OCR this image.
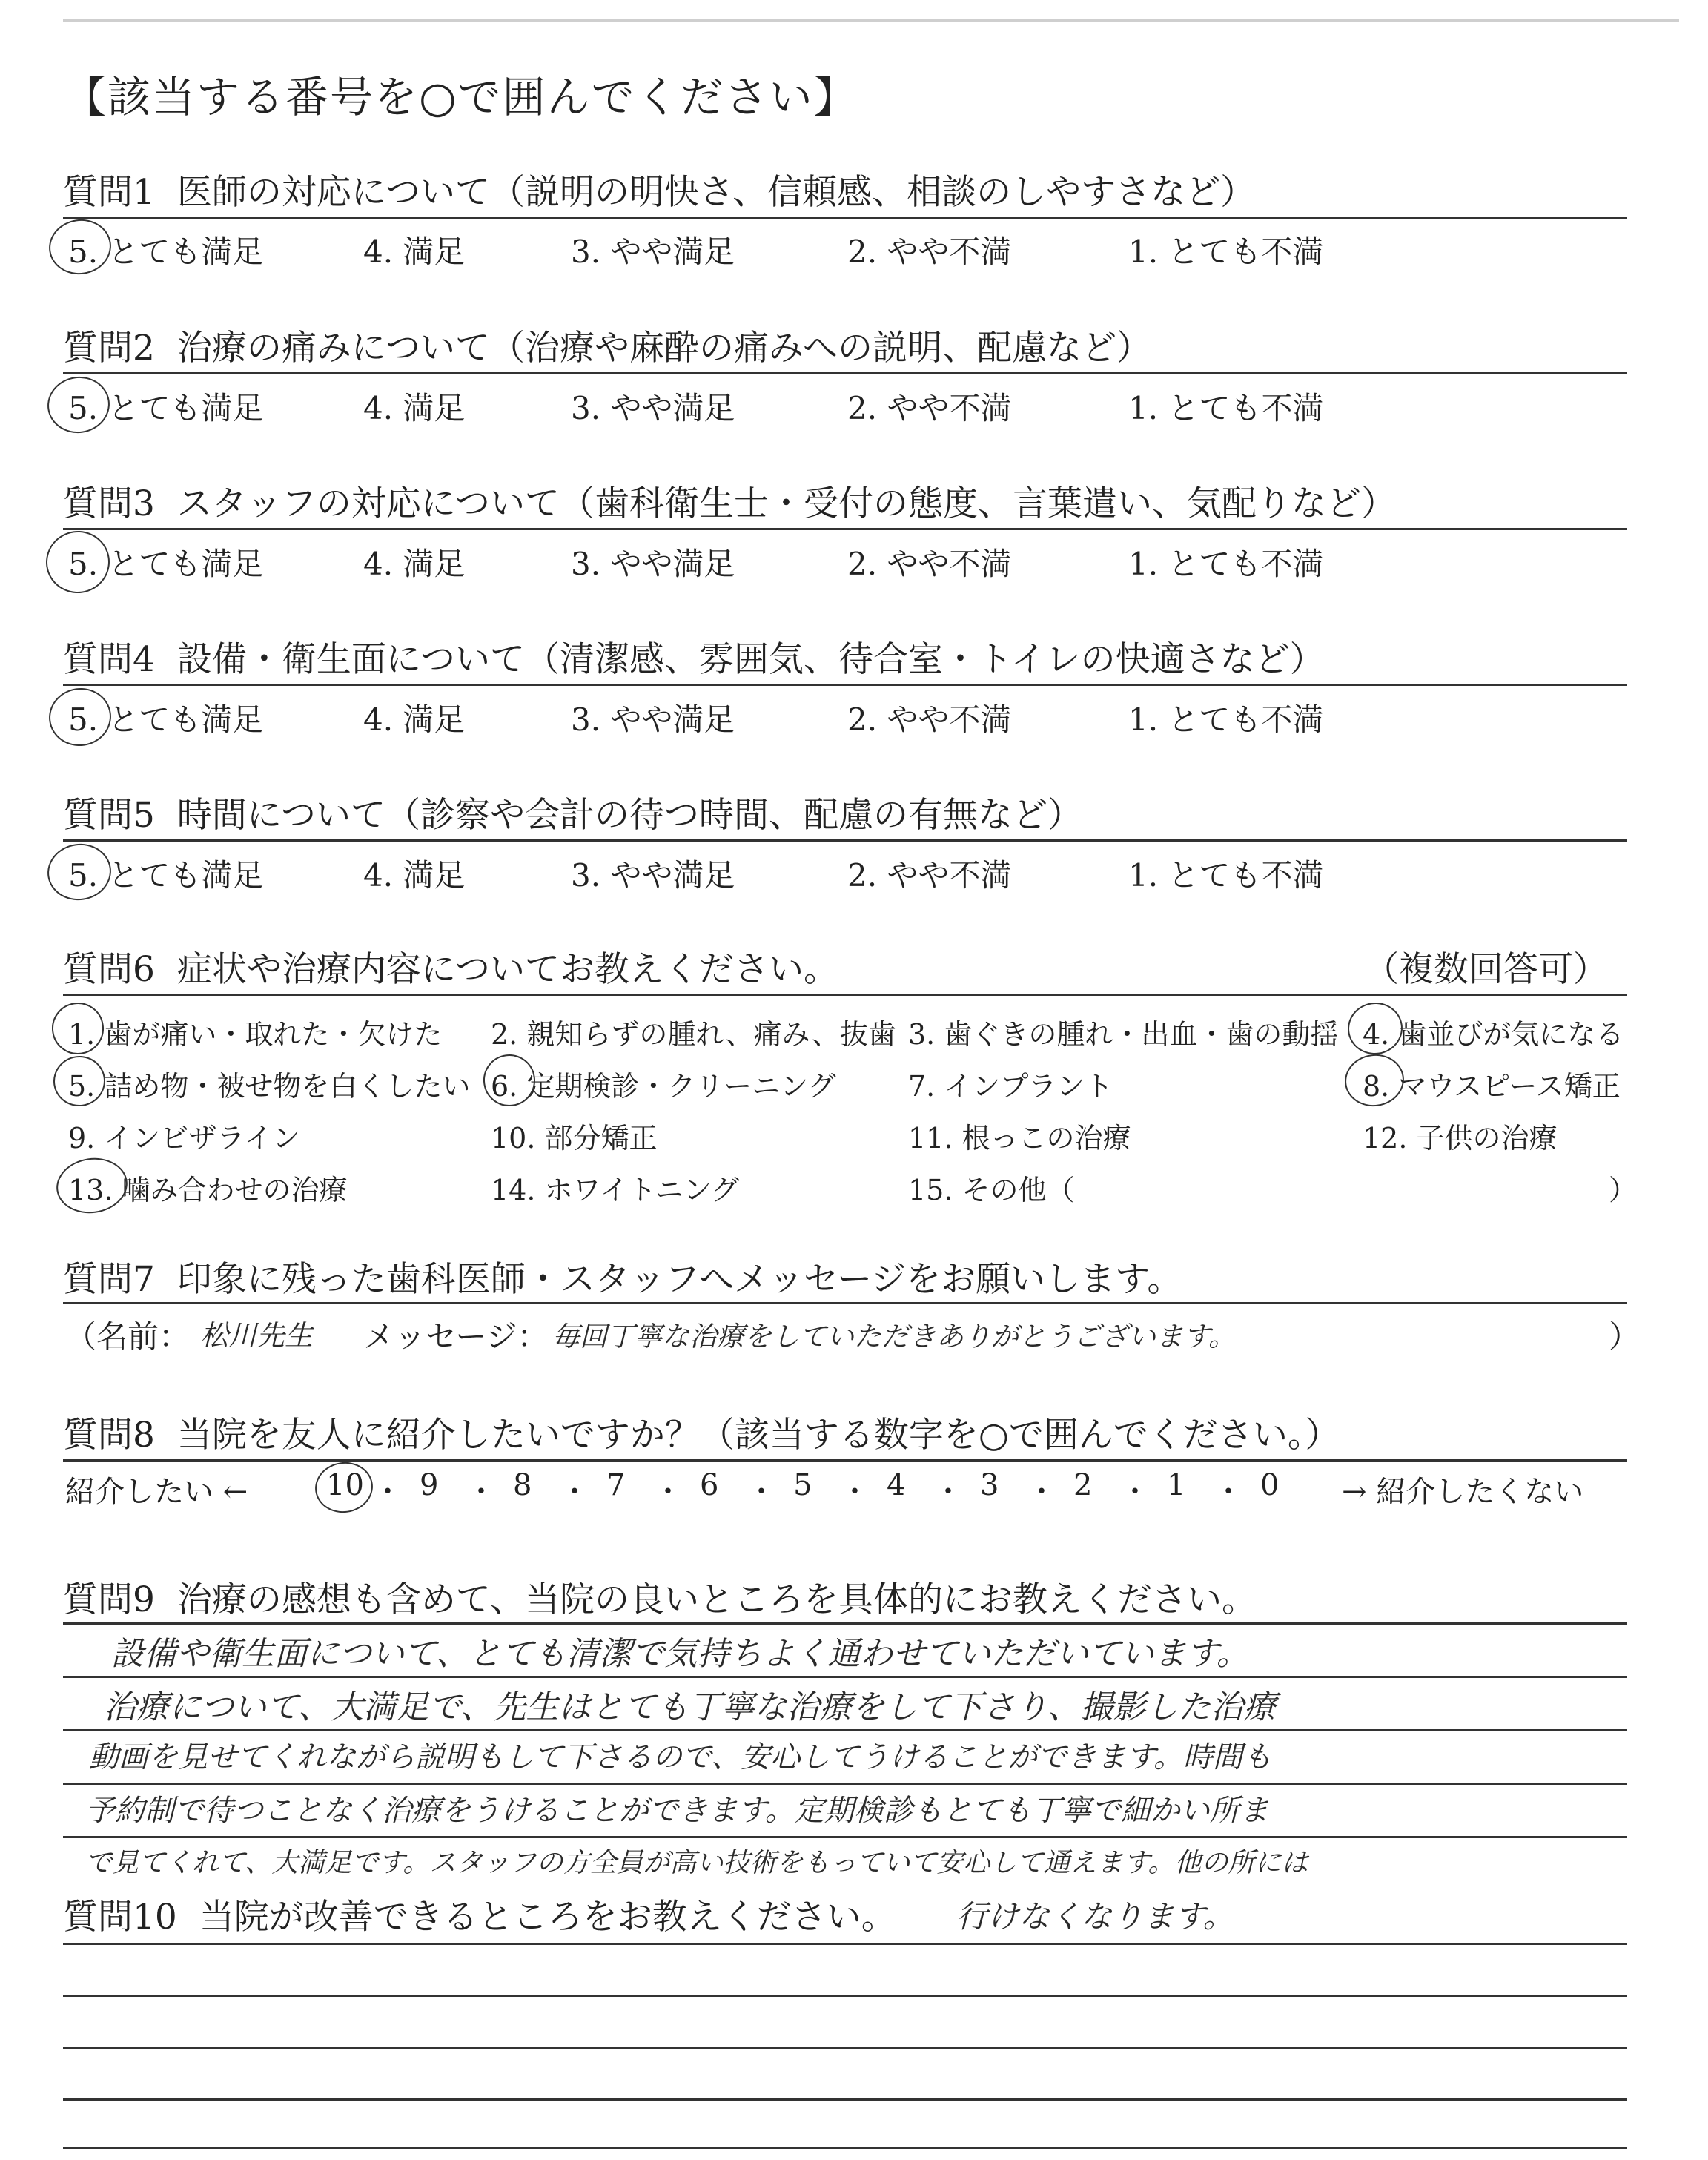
【該当する番号を○で囲んでください】
質問1 医師の対応について（説明の明快さ、信頼感、相談のしやすさなど）
5. とても満足	4. 満足	3. やや満足	2. やや不満	1. とても不満
質問2 治療の痛みについて（治療や麻酔の痛みへの説明、配慮など）
5. とても満足	4. 満足	3. やや満足	2. やや不満	1. とても不満
質問3 スタッフの対応について（歯科衛生士・受付の態度、言葉遣い、気配りなど）
5. とても満足	4. 満足	3. やや満足	2. やや不満	1. とても不満
質問4 設備・衛生面について（清潔感、雰囲気、待合室・トイレの快適さなど）
5. とても満足	4. 満足	3. やや満足	2. やや不満	1. とても不満
質問5 時間について（診察や会計の待つ時間、配慮の有無など）
5. とても満足	4. 満足	3. やや満足	2. やや不満	1. とても不満
質問6 症状や治療内容についてお教えください。	（複数回答可）
1. 歯が痛い・取れた・欠けた 2. 親知らずの腫れ、痛み、抜歯 3. 歯ぐきの腫れ・出血・歯の動揺 4. 歯並びが気になる
5. 詰め物・被せ物を白くしたい 6. 定期検診・クリーニング	7. インプラント	8. マウスピース矯正
9. インビザライン	10. 部分矯正	11. 根っこの治療	12. 子供の治療
13. 噛み合わせの治療	14. ホワイトニング	15. その他（	）
質問7 印象に残った歯科医師・スタッフへメッセージをお願いします。
（名前： 松川先生 メッセージ： 毎回丁寧な治療をしていただきありがとうございます。	）
質問8 当院を友人に紹介したいですか？（該当する数字を○で囲んでください。）
紹介したい ←	10 ・ 9 ・ 8 ・ 7 ・ 6 ・ 5 ・ 4 ・ 3 ・ 2 ・ 1 ・ 0 → 紹介したくない
質問9 治療の感想も含めて、当院の良いところを具体的にお教えください。
設備や衛生面について、とても清潔で気持ちよく通わせていただいています。
治療について、大満足で、先生はとても丁寧な治療をして下さり、撮影した治療
動画を見せてくれながら説明もして下さるので、安心してうけることができます。時間も
予約制で待つことなく治療をうけることができます。定期検診もとても丁寧で細かい所ま
で見てくれて、大満足です。スタッフの方全員が高い技術をもっていて安心して通えます。他の所には
質問10 当院が改善できるところをお教えください。 行けなくなります。
